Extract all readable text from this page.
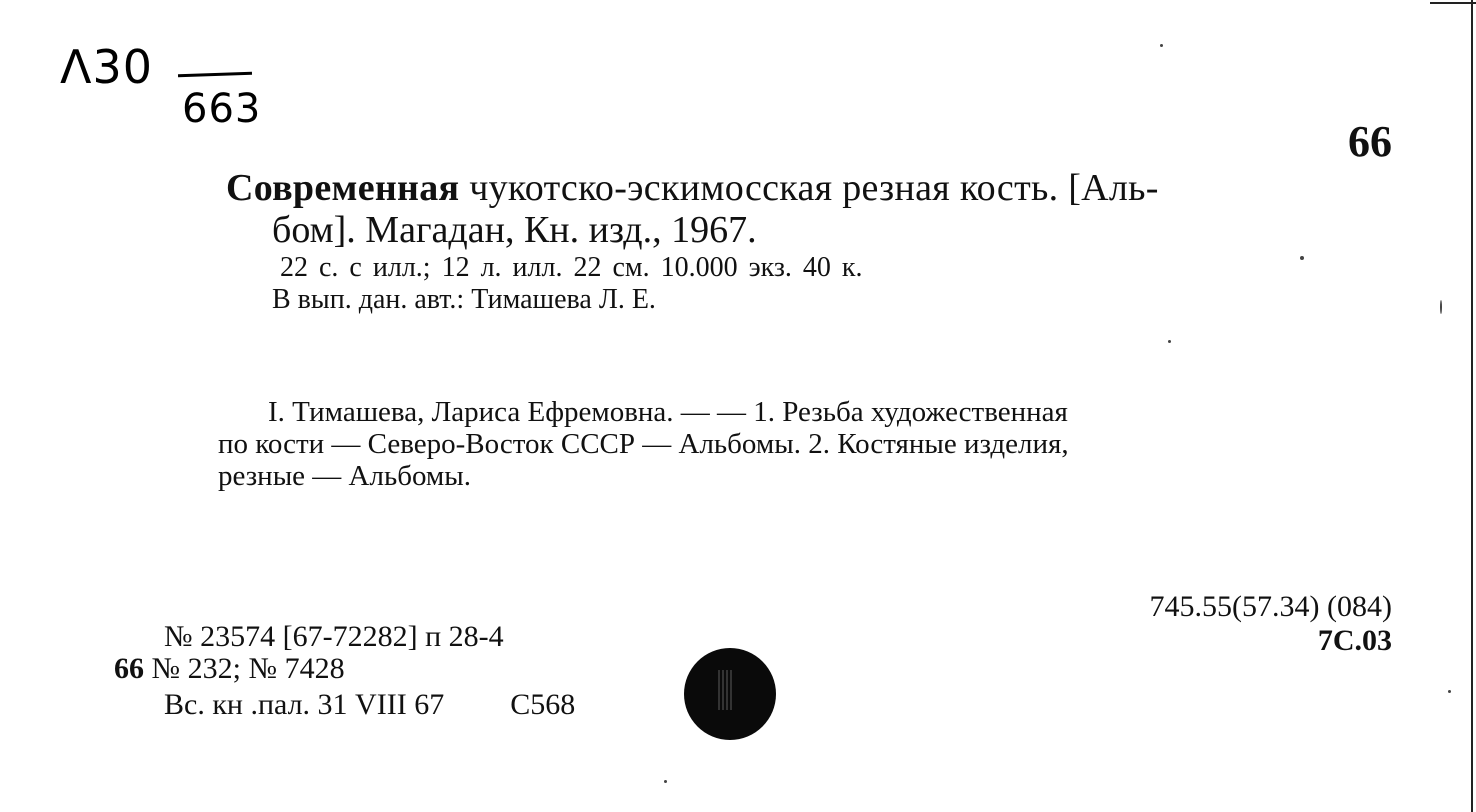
Λ30
663
66
Современная чукотско-эскимосская резная кость. [Аль-
бом]. Магадан, Кн. изд., 1967.
22 с. с илл.; 12 л. илл. 22 см. 10.000 экз. 40 к.
В вып. дан. авт.: Тимашева Л. Е.

I. Тимашева, Лариса Ефремовна. — — 1. Резьба художественная

по кости — Северо-Восток СССР — Альбомы. 2. Костяные изделия,

резные — Альбомы.

745.55(57.34) (084)
7С.03
№ 23574 [67-72282] п 28-4
66 № 232; № 7428
Вс. кн .пал. 31 VIII 67 С568
